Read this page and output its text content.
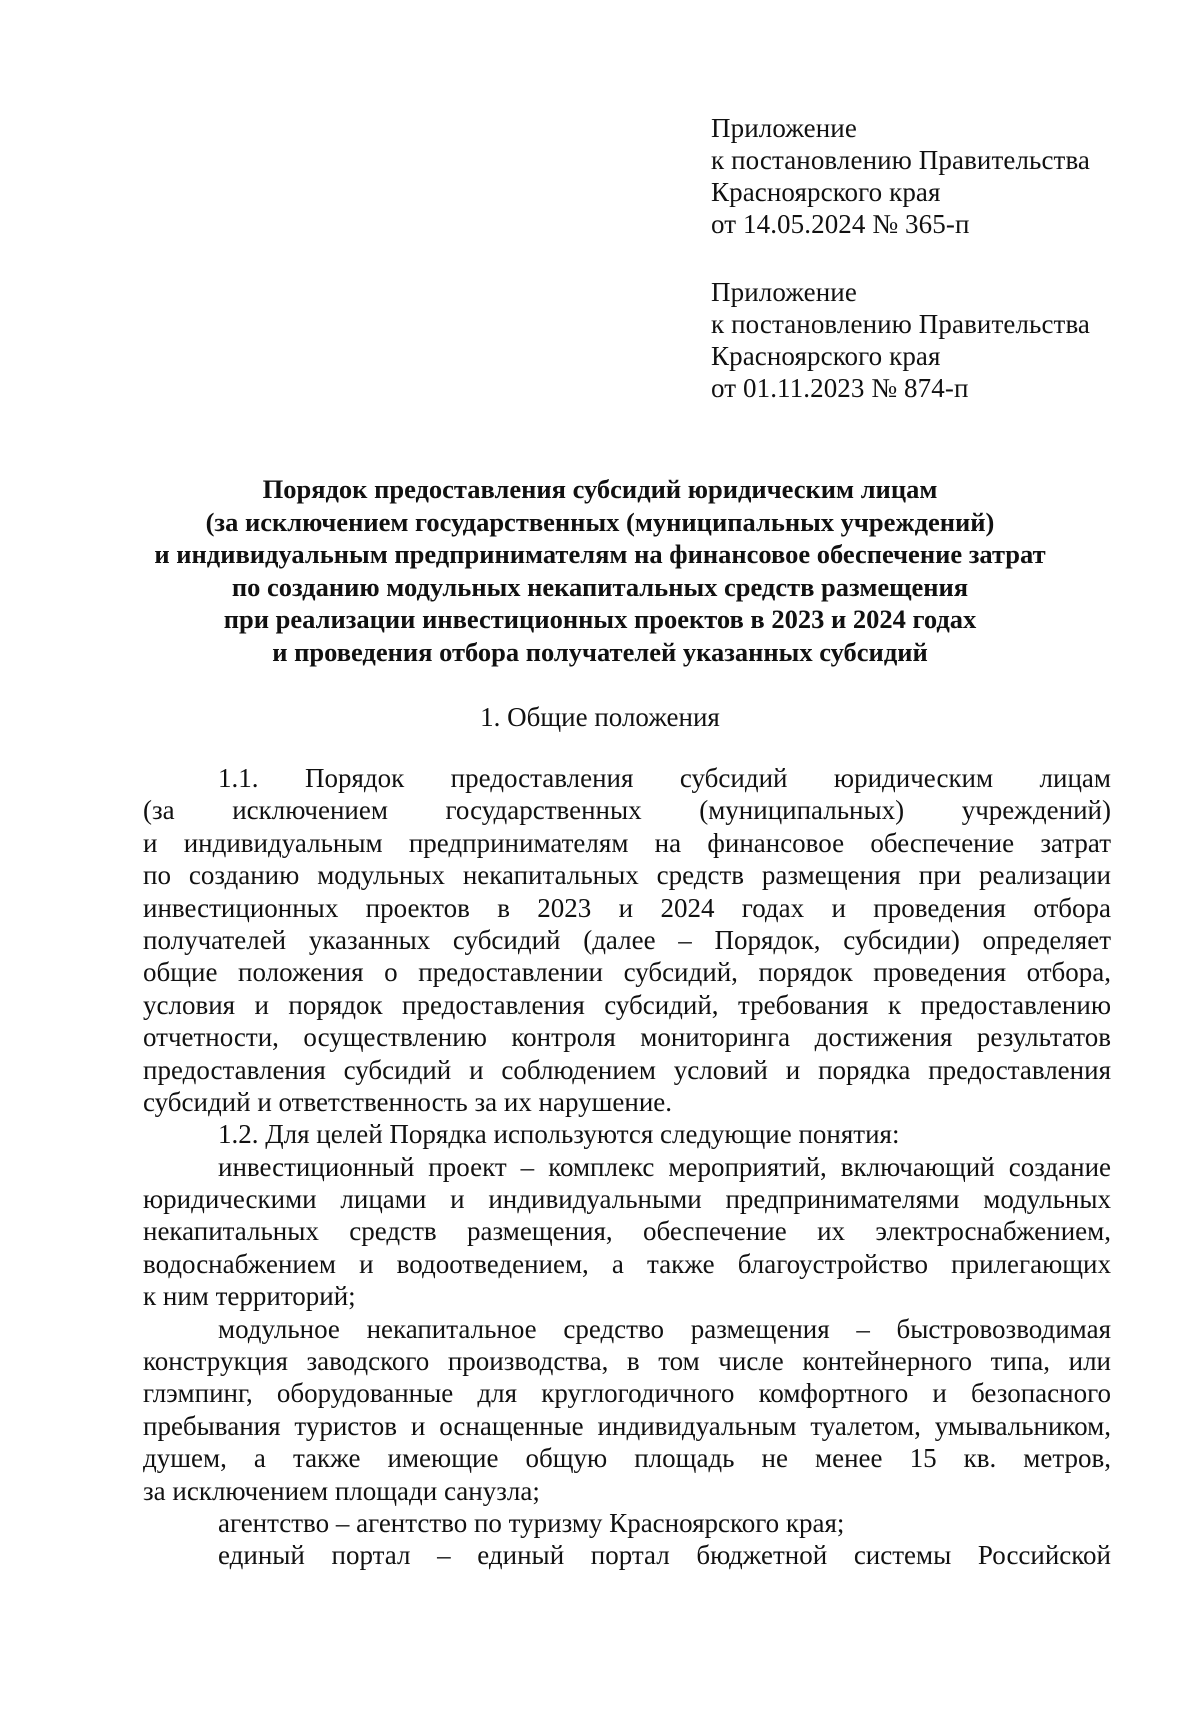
Приложение
к постановлению Правительства
Красноярского края
от 14.05.2024 № 365-п
Приложение
к постановлению Правительства
Красноярского края
от 01.11.2023 № 874-п
Порядок предоставления субсидий юридическим лицам
(за исключением государственных (муниципальных учреждений)
и индивидуальным предпринимателям на финансовое обеспечение затрат
по созданию модульных некапитальных средств размещения
при реализации инвестиционных проектов в 2023 и 2024 годах
и проведения отбора получателей указанных субсидий
1. Общие положения
1.1. Порядок предоставления субсидий юридическим лицам
(за исключением государственных (муниципальных) учреждений)
и индивидуальным предпринимателям на финансовое обеспечение затрат
по созданию модульных некапитальных средств размещения при реализации
инвестиционных проектов в 2023 и 2024 годах и проведения отбора
получателей указанных субсидий (далее – Порядок, субсидии) определяет
общие положения о предоставлении субсидий, порядок проведения отбора,
условия и порядок предоставления субсидий, требования к предоставлению
отчетности, осуществлению контроля мониторинга достижения результатов
предоставления субсидий и соблюдением условий и порядка предоставления
субсидий и ответственность за их нарушение.
1.2. Для целей Порядка используются следующие понятия:
инвестиционный проект – комплекс мероприятий, включающий создание
юридическими лицами и индивидуальными предпринимателями модульных
некапитальных средств размещения, обеспечение их электроснабжением,
водоснабжением и водоотведением, а также благоустройство прилегающих
к ним территорий;
модульное некапитальное средство размещения – быстровозводимая
конструкция заводского производства, в том числе контейнерного типа, или
глэмпинг, оборудованные для круглогодичного комфортного и безопасного
пребывания туристов и оснащенные индивидуальным туалетом, умывальником,
душем, а также имеющие общую площадь не менее 15 кв. метров,
за исключением площади санузла;
агентство – агентство по туризму Красноярского края;
единый портал – единый портал бюджетной системы Российской
